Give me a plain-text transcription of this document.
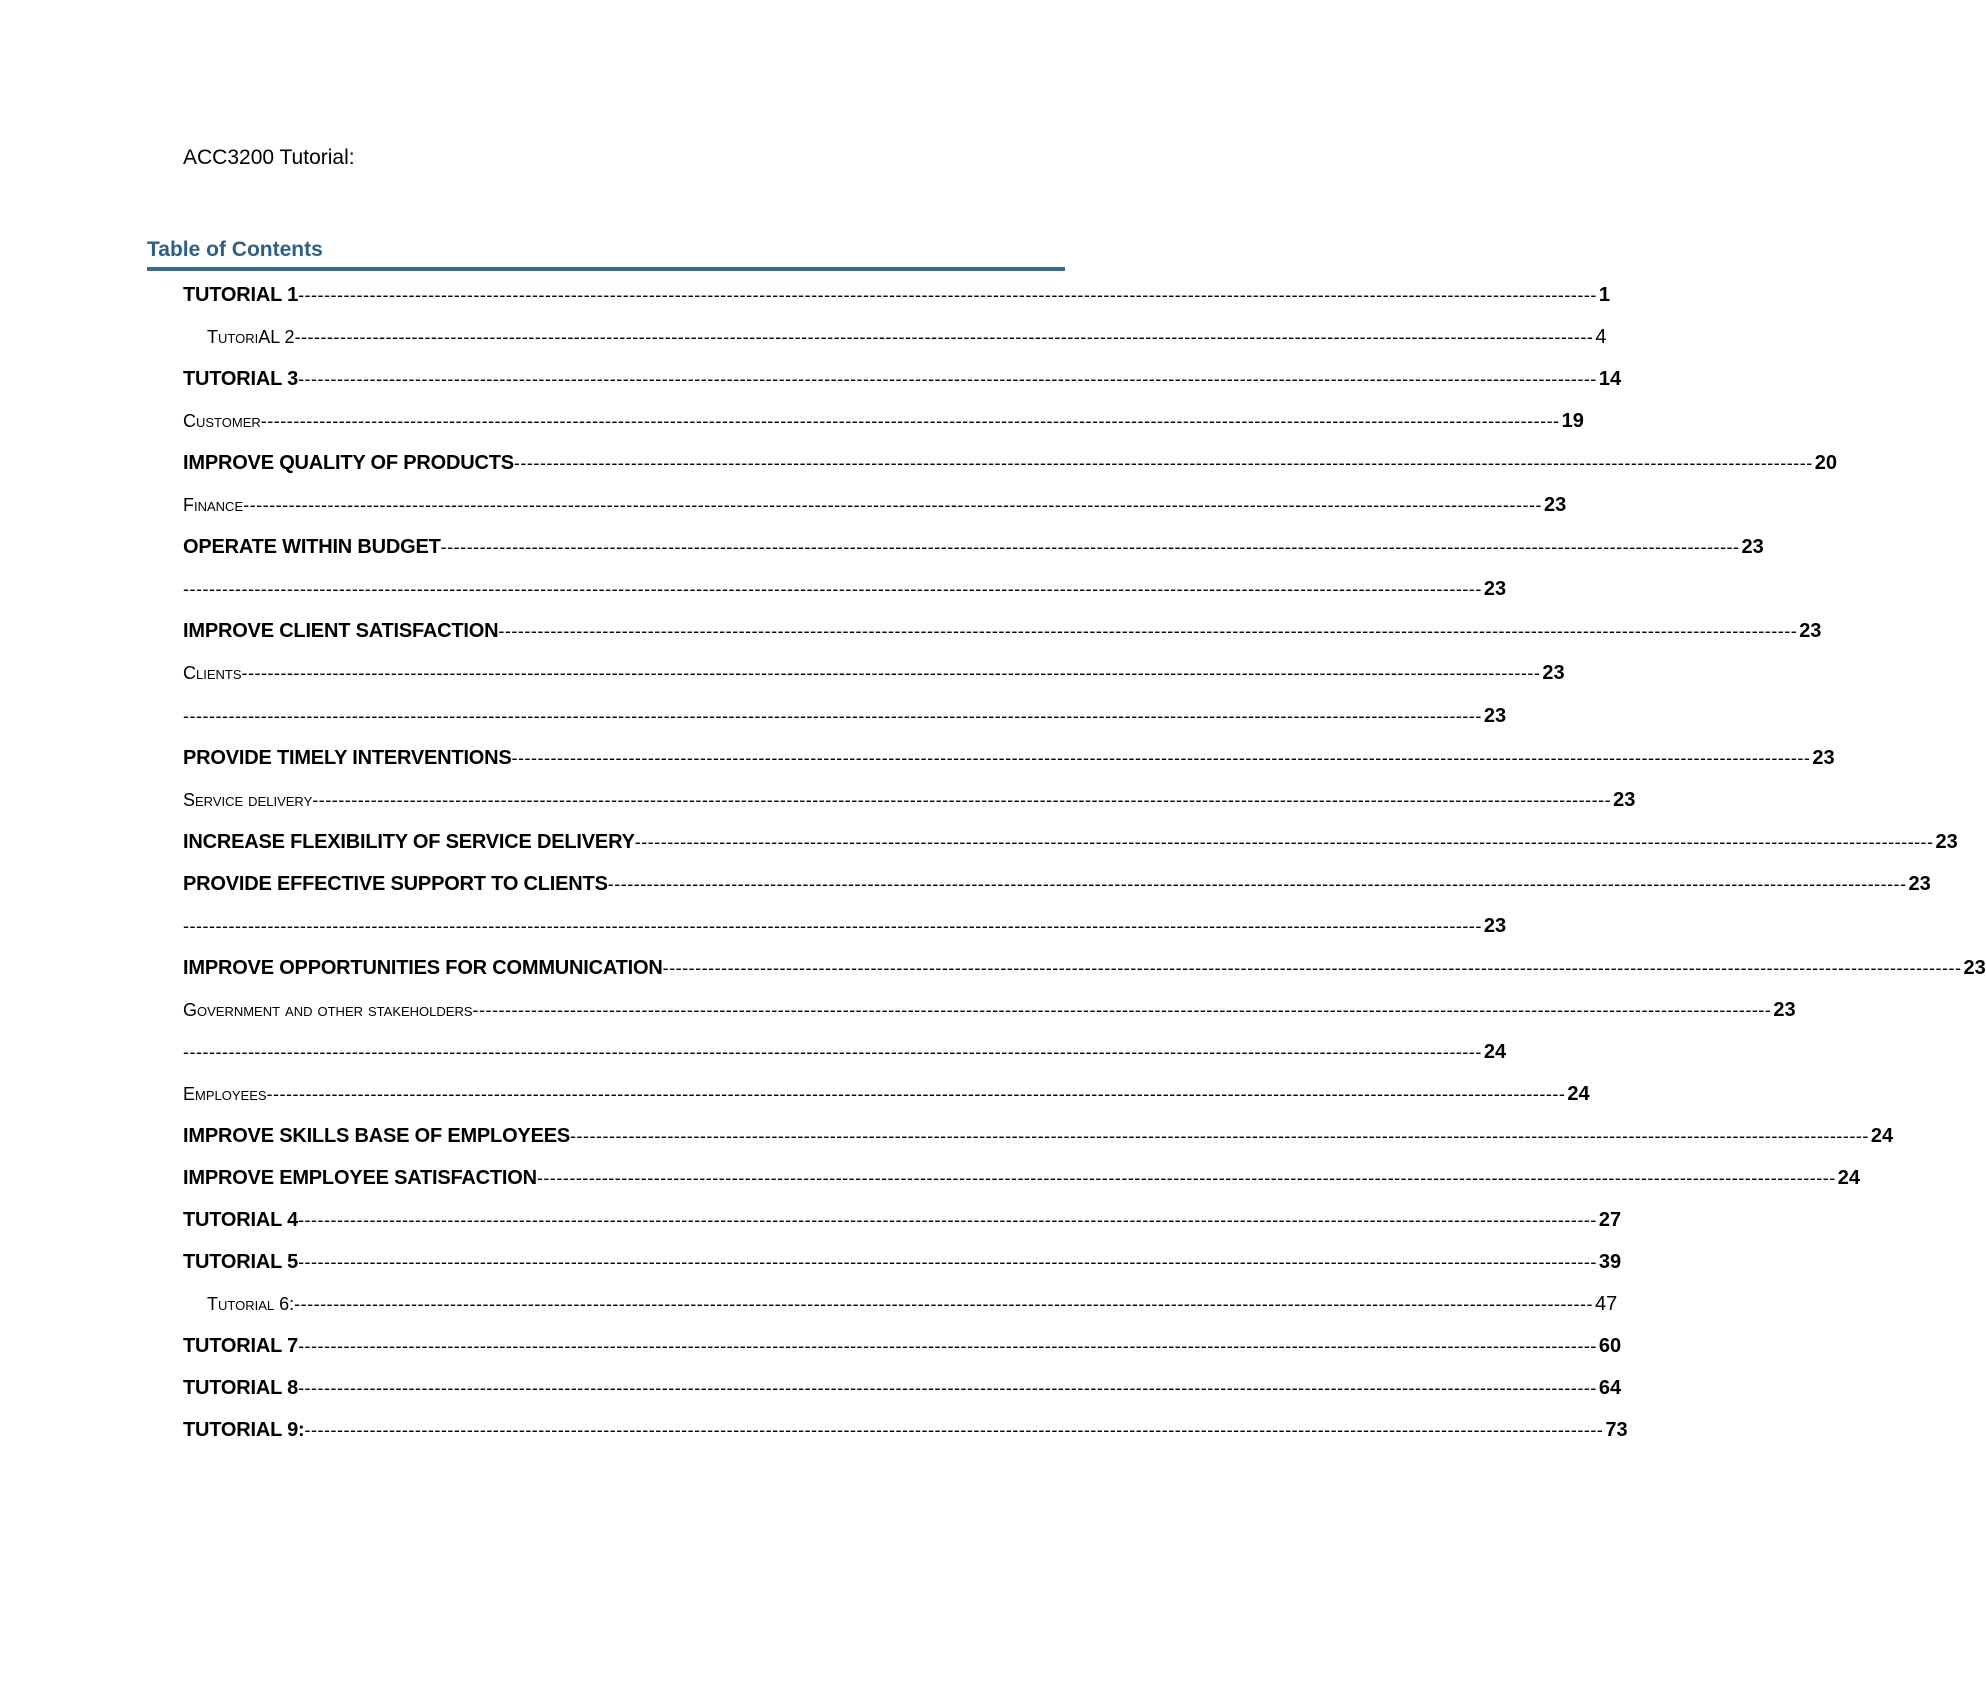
ACC3200 Tutorial:
Table of Contents
TUTORIAL 1 -------------------------------------------------------------------------------------------------------------------------------------------------------------------------------------------------------- 1
TutoriAL 2 -------------------------------------------------------------------------------------------------------------------------------------------------------------------------------------------------------- 4
TUTORIAL 3 -------------------------------------------------------------------------------------------------------------------------------------------------------------------------------------------------------- 14
Customer -------------------------------------------------------------------------------------------------------------------------------------------------------------------------------------------------------- 19
IMPROVE QUALITY OF PRODUCTS -------------------------------------------------------------------------------------------------------------------------------------------------------------------------------------------------------- 20
Finance -------------------------------------------------------------------------------------------------------------------------------------------------------------------------------------------------------- 23
OPERATE WITHIN BUDGET -------------------------------------------------------------------------------------------------------------------------------------------------------------------------------------------------------- 23
-------------------------------------------------------------------------------------------------------------------------------------------------------------------------------------------------------- 23
IMPROVE CLIENT SATISFACTION -------------------------------------------------------------------------------------------------------------------------------------------------------------------------------------------------------- 23
Clients -------------------------------------------------------------------------------------------------------------------------------------------------------------------------------------------------------- 23
-------------------------------------------------------------------------------------------------------------------------------------------------------------------------------------------------------- 23
PROVIDE TIMELY INTERVENTIONS -------------------------------------------------------------------------------------------------------------------------------------------------------------------------------------------------------- 23
Service delivery -------------------------------------------------------------------------------------------------------------------------------------------------------------------------------------------------------- 23
INCREASE FLEXIBILITY OF SERVICE DELIVERY -------------------------------------------------------------------------------------------------------------------------------------------------------------------------------------------------------- 23
PROVIDE EFFECTIVE SUPPORT TO CLIENTS -------------------------------------------------------------------------------------------------------------------------------------------------------------------------------------------------------- 23
-------------------------------------------------------------------------------------------------------------------------------------------------------------------------------------------------------- 23
IMPROVE OPPORTUNITIES FOR COMMUNICATION -------------------------------------------------------------------------------------------------------------------------------------------------------------------------------------------------------- 23
Government and other stakeholders -------------------------------------------------------------------------------------------------------------------------------------------------------------------------------------------------------- 23
-------------------------------------------------------------------------------------------------------------------------------------------------------------------------------------------------------- 24
Employees -------------------------------------------------------------------------------------------------------------------------------------------------------------------------------------------------------- 24
IMPROVE SKILLS BASE OF EMPLOYEES -------------------------------------------------------------------------------------------------------------------------------------------------------------------------------------------------------- 24
IMPROVE EMPLOYEE SATISFACTION -------------------------------------------------------------------------------------------------------------------------------------------------------------------------------------------------------- 24
TUTORIAL 4 -------------------------------------------------------------------------------------------------------------------------------------------------------------------------------------------------------- 27
TUTORIAL 5 -------------------------------------------------------------------------------------------------------------------------------------------------------------------------------------------------------- 39
Tutorial 6: -------------------------------------------------------------------------------------------------------------------------------------------------------------------------------------------------------- 47
TUTORIAL 7 -------------------------------------------------------------------------------------------------------------------------------------------------------------------------------------------------------- 60
TUTORIAL 8 -------------------------------------------------------------------------------------------------------------------------------------------------------------------------------------------------------- 64
TUTORIAL 9: -------------------------------------------------------------------------------------------------------------------------------------------------------------------------------------------------------- 73
